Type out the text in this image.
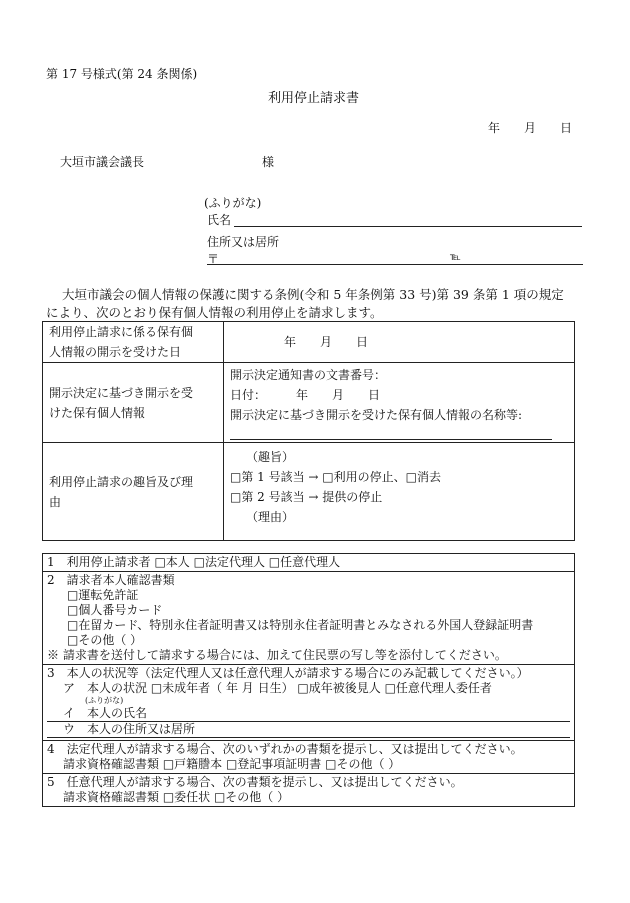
第 17 号様式(第 24 条関係)
利用停止請求書
年　　月　　日
大垣市議会議長	様
(ふりがな)
氏名
住所又は居所
〒	℡
大垣市議会の個人情報の保護に関する条例(令和 5 年条例第 33 号)第 39 条第 1 項の規定
により、次のとおり保有個人情報の利用停止を請求します。
利用停止請求に係る保有個
人情報の開示を受けた日	年　　月　　日

開示決定に基づき開示を受
けた保有個人情報	開示決定通知書の文書番号：
日付：　　　年　　月　　日
開示決定に基づき開示を受けた保有個人情報の名称等:

利用停止請求の趣旨及び理
由	（趣旨）
□第 1 号該当 → □利用の停止、□消去
□第 2 号該当 → 提供の停止
（理由）
1　利用停止請求者 □本人 □法定代理人 □任意代理人

2　請求者本人確認書類
□運転免許証
□個人番号カード
□在留カード、特別永住者証明書又は特別永住者証明書とみなされる外国人登録証明書
□その他（ ）
※ 請求書を送付して請求する場合には、加えて住民票の写し等を添付してください。

3　本人の状況等（法定代理人又は任意代理人が請求する場合にのみ記載してください。）
ア　本人の状況 □未成年者（ 年 月 日生） □成年被後見人 □任意代理人委任者
(ふりがな)
イ　本人の氏名
ウ　本人の住所又は居所

4　法定代理人が請求する場合、次のいずれかの書類を提示し、又は提出してください。
請求資格確認書類 □戸籍謄本 □登記事項証明書 □その他（ ）

5　任意代理人が請求する場合、次の書類を提示し、又は提出してください。
請求資格確認書類 □委任状 □その他（ ）
